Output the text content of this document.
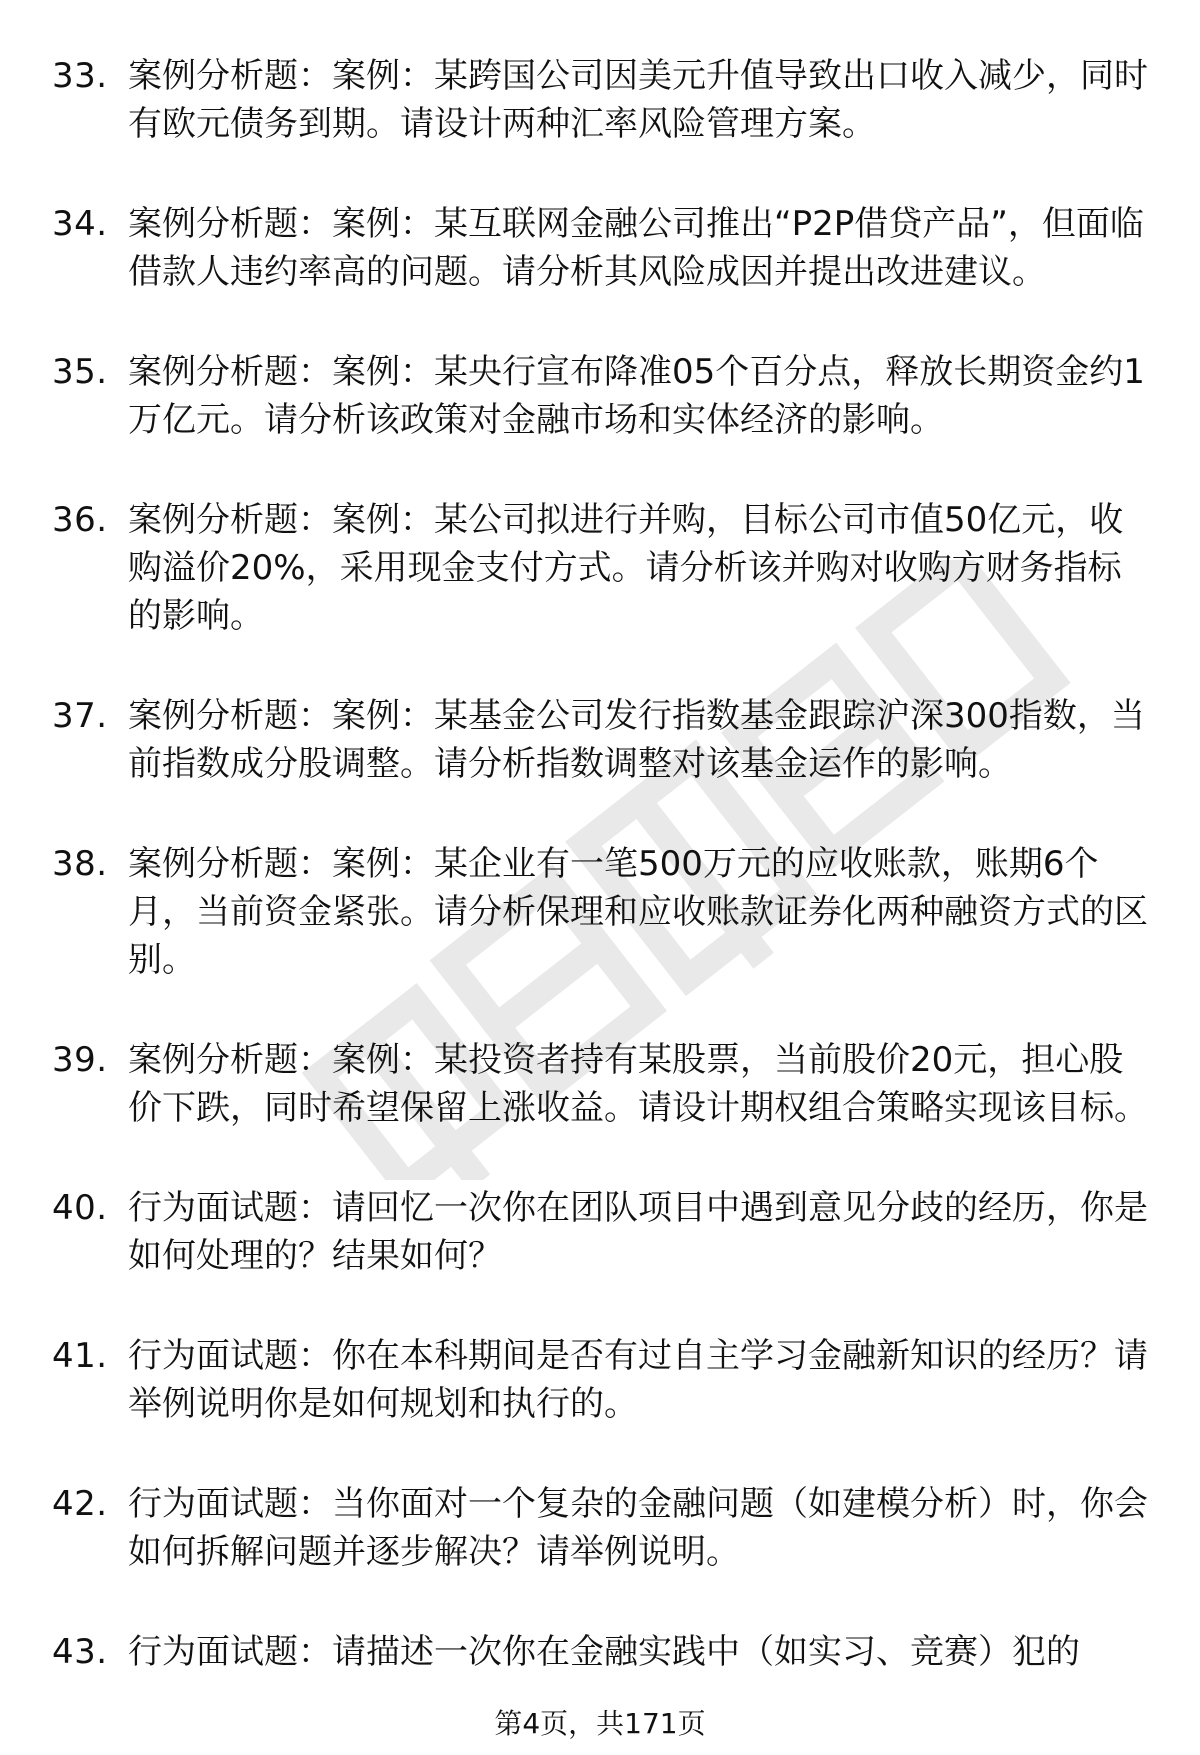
33. 案例分析题：案例：某跨国公司因美元升值导致出口收入减少，同时有欧元债务到期。请设计两种汇率风险管理方案。
34. 案例分析题：案例：某互联网金融公司推出“P2P借贷产品”，但面临借款人违约率高的问题。请分析其风险成因并提出改进建议。
35. 案例分析题：案例：某央行宣布降准05个百分点，释放长期资金约1万亿元。请分析该政策对金融市场和实体经济的影响。
36. 案例分析题：案例：某公司拟进行并购，目标公司市值50亿元，收购溢价20%，采用现金支付方式。请分析该并购对收购方财务指标的影响。
37. 案例分析题：案例：某基金公司发行指数基金跟踪沪深300指数，当前指数成分股调整。请分析指数调整对该基金运作的影响。
38. 案例分析题：案例：某企业有一笔500万元的应收账款，账期6个月，当前资金紧张。请分析保理和应收账款证券化两种融资方式的区别。
39. 案例分析题：案例：某投资者持有某股票，当前股价20元，担心股价下跌，同时希望保留上涨收益。请设计期权组合策略实现该目标。
40. 行为面试题：请回忆一次你在团队项目中遇到意见分歧的经历，你是如何处理的？结果如何？
41. 行为面试题：你在本科期间是否有过自主学习金融新知识的经历？请举例说明你是如何规划和执行的。
42. 行为面试题：当你面对一个复杂的金融问题（如建模分析）时，你会如何拆解问题并逐步解决？请举例说明。
43. 行为面试题：请描述一次你在金融实践中（如实习、竞赛）犯的
第4页，共171页
